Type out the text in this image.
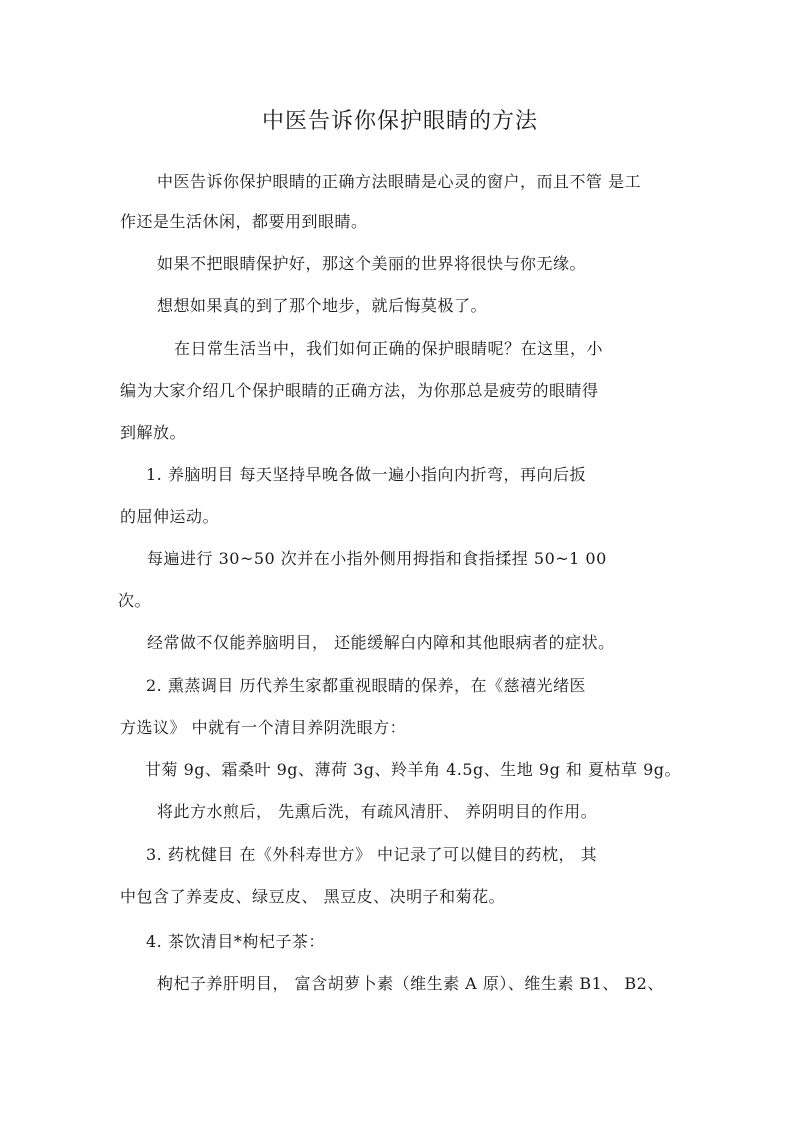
中医告诉你保护眼睛的方法
中医告诉你保护眼睛的正确方法眼睛是心灵的窗户，而且不管 是工
作还是生活休闲，都要用到眼睛。
如果不把眼睛保护好，那这个美丽的世界将很快与你无缘。
想想如果真的到了那个地步，就后悔莫极了。
在日常生活当中，我们如何正确的保护眼睛呢？在这里，小
编为大家介绍几个保护眼睛的正确方法，为你那总是疲劳的眼睛得
到解放。
1. 养脑明目 每天坚持早晚各做一遍小指向内折弯，再向后扳
的屈伸运动。
每遍进行 30~50 次并在小指外侧用拇指和食指揉捏 50~1 00
次。
经常做不仅能养脑明目， 还能缓解白内障和其他眼病者的症状。
2. 熏蒸调目 历代养生家都重视眼睛的保养，在《慈禧光绪医
方选议》 中就有一个清目养阴洗眼方：
甘菊 9g、霜桑叶 9g、薄荷 3g、羚羊角 4.5g、生地 9g 和 夏枯草 9g。
将此方水煎后， 先熏后洗，有疏风清肝、 养阴明目的作用。
3. 药枕健目 在《外科寿世方》 中记录了可以健目的药枕， 其
中包含了养麦皮、绿豆皮、 黑豆皮、决明子和菊花。
4. 茶饮清目*枸杞子茶：
枸杞子养肝明目， 富含胡萝卜素（维生素 A 原）、维生素 B1、 B2、
